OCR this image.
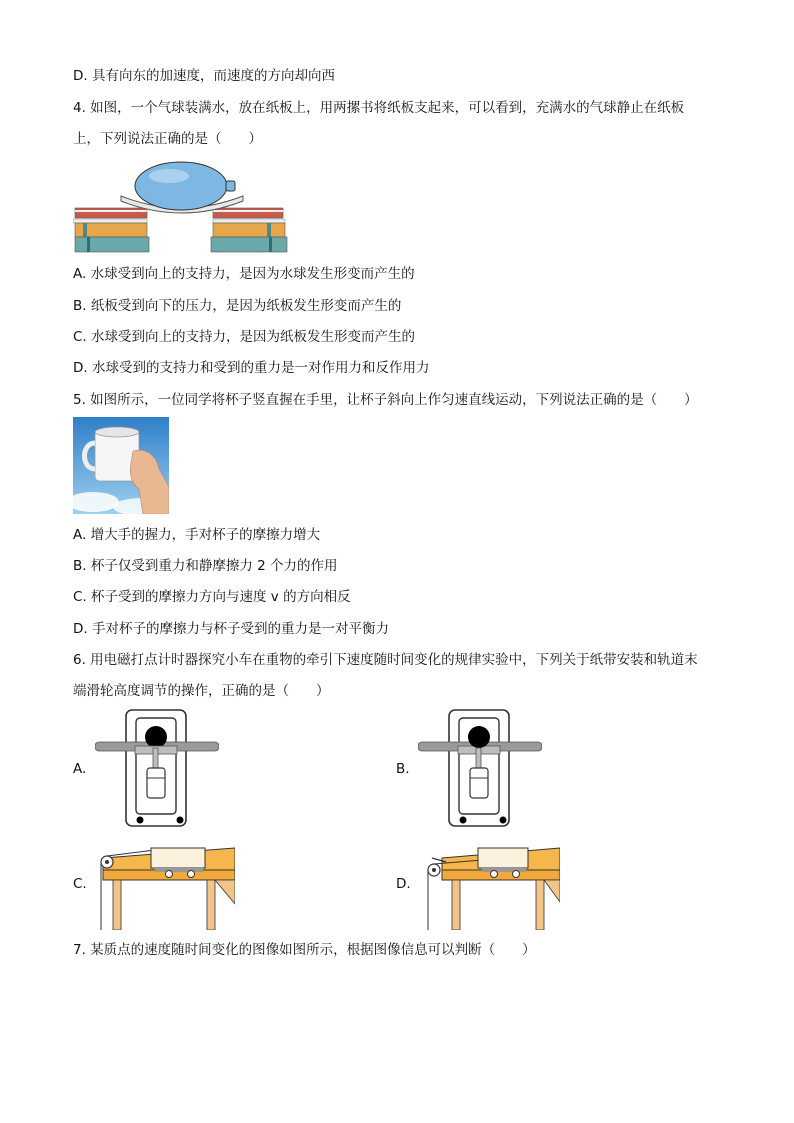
D. 具有向东的加速度，而速度的方向却向西
4. 如图，一个气球装满水，放在纸板上，用两摞书将纸板支起来，可以看到，充满水的气球静止在纸板
上，下列说法正确的是（　　）
A. 水球受到向上的支持力，是因为水球发生形变而产生的
B. 纸板受到向下的压力，是因为纸板发生形变而产生的
C. 水球受到向上的支持力，是因为纸板发生形变而产生的
D. 水球受到的支持力和受到的重力是一对作用力和反作用力
5. 如图所示，一位同学将杯子竖直握在手里，让杯子斜向上作匀速直线运动，下列说法正确的是（　　）
A. 增大手的握力，手对杯子的摩擦力增大
B. 杯子仅受到重力和静摩擦力 2 个力的作用
C. 杯子受到的摩擦力方向与速度 v 的方向相反
D. 手对杯子的摩擦力与杯子受到的重力是一对平衡力
6. 用电磁打点计时器探究小车在重物的牵引下速度随时间变化的规律实验中，下列关于纸带安装和轨道末
端滑轮高度调节的操作，正确的是（　　）
A.	B.
C.	D.
7. 某质点的速度随时间变化的图像如图所示，根据图像信息可以判断（　　）
